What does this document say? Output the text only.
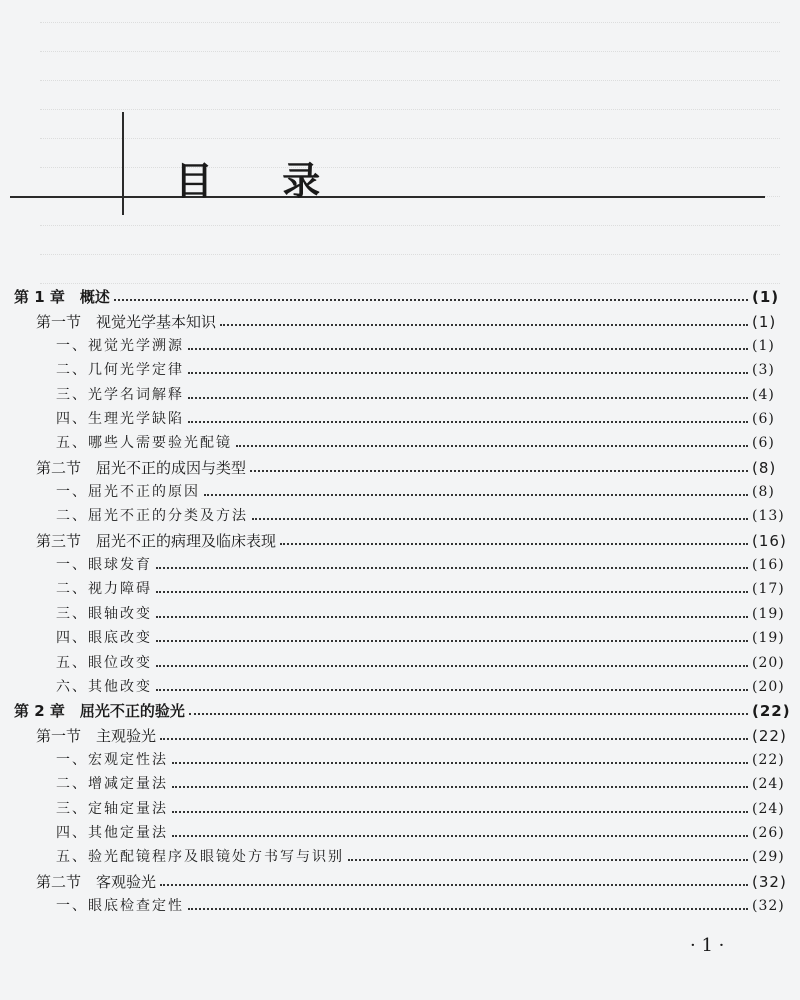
目 录
第 1 章　概述	(1)
第一节　视觉光学基本知识	(1)
一、视觉光学溯源	(1)
二、几何光学定律	(3)
三、光学名词解释	(4)
四、生理光学缺陷	(6)
五、哪些人需要验光配镜	(6)
第二节　屈光不正的成因与类型	(8)
一、屈光不正的原因	(8)
二、屈光不正的分类及方法	(13)
第三节　屈光不正的病理及临床表现	(16)
一、眼球发育	(16)
二、视力障碍	(17)
三、眼轴改变	(19)
四、眼底改变	(19)
五、眼位改变	(20)
六、其他改变	(20)
第 2 章　屈光不正的验光	(22)
第一节　主观验光	(22)
一、宏观定性法	(22)
二、增减定量法	(24)
三、定轴定量法	(24)
四、其他定量法	(26)
五、验光配镜程序及眼镜处方书写与识别	(29)
第二节　客观验光	(32)
一、眼底检查定性	(32)
· 1 ·
